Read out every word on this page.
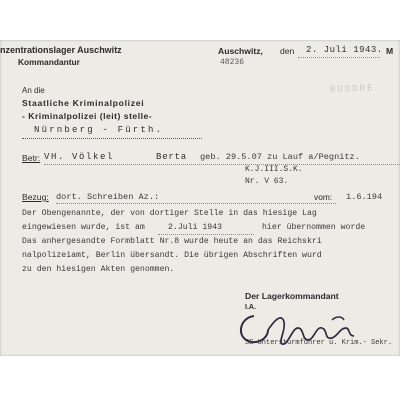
nzentrationslager Auschwitz
Kommandantur
Auschwitz, den 2. Juli 1943. M
48236
An die
Staatliche Kriminalpolizei
- Kriminalpolizei (leit) stelle-
Nürnberg - Fürth.
BUDDRE
Betr: VH. Völkel	Berta geb. 29.5.07 zu Lauf a/Pegnitz.
K.J.III.S.K.
Nr. V 63.
Bezug: dort. Schreiben Az.:	vom: 1.6.194
Der Obengenannte, der von dortiger Stelle in das hiesige Lag
eingewiesen wurde, ist am	2.Juli 1943	hier übernommen worde
Das anhergesandte Formblatt Nr.8 wurde heute an das Reichskri
nalpolizeiamt, Berlin übersandt. Die übrigen Abschriften wurd
zu den hiesigen Akten genommen.
Der Lagerkommandant
I.A.
SS-Untersturmführer u. Krim.- Sekr.
